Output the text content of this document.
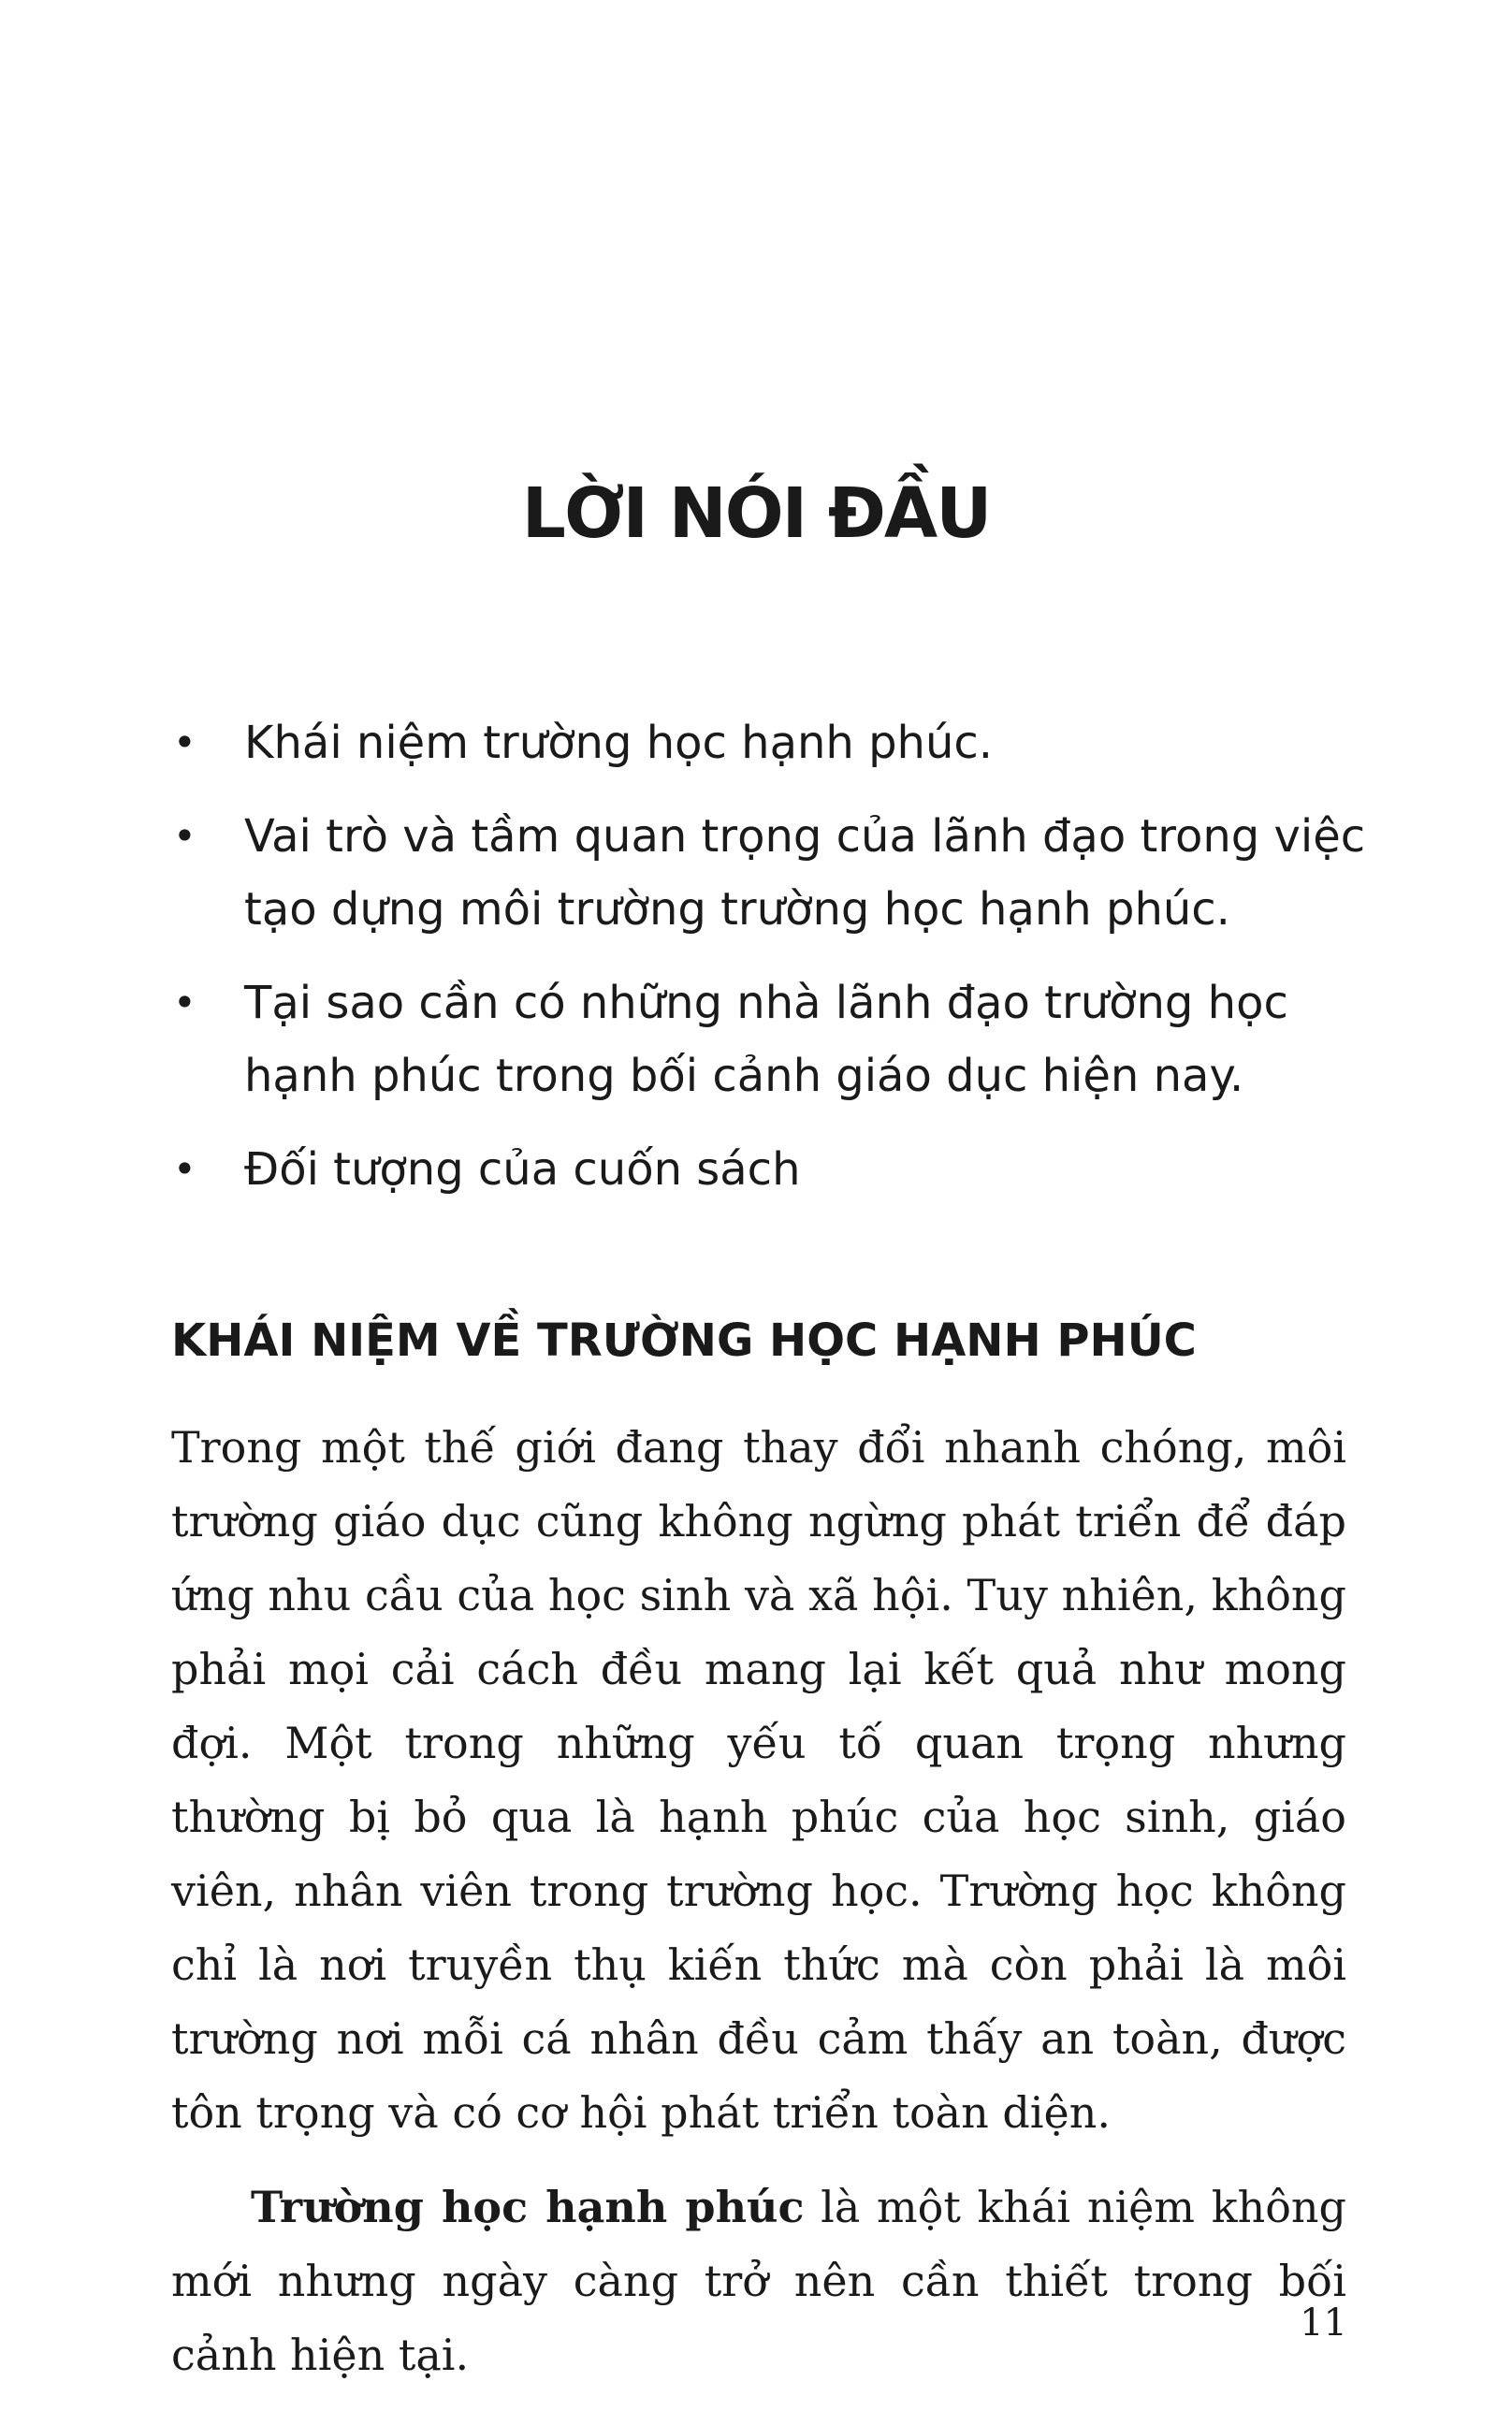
LỜI NÓI ĐẦU
• Khái niệm trường học hạnh phúc.
• Vai trò và tầm quan trọng của lãnh đạo trong việc tạo dựng môi trường trường học hạnh phúc.
• Tại sao cần có những nhà lãnh đạo trường học hạnh phúc trong bối cảnh giáo dục hiện nay.
• Đối tượng của cuốn sách
KHÁI NIỆM VỀ TRƯỜNG HỌC HẠNH PHÚC

Trong một thế giới đang thay đổi nhanh chóng, môi trường giáo dục cũng không ngừng phát triển để đáp ứng nhu cầu của học sinh và xã hội. Tuy nhiên, không phải mọi cải cách đều mang lại kết quả như mong đợi. Một trong những yếu tố quan trọng nhưng thường bị bỏ qua là hạnh phúc của học sinh, giáo viên, nhân viên trong trường học. Trường học không chỉ là nơi truyền thụ kiến thức mà còn phải là môi trường nơi mỗi cá nhân đều cảm thấy an toàn, được tôn trọng và có cơ hội phát triển toàn diện.

Trường học hạnh phúc là một khái niệm không mới nhưng ngày càng trở nên cần thiết trong bối cảnh hiện tại.

11
